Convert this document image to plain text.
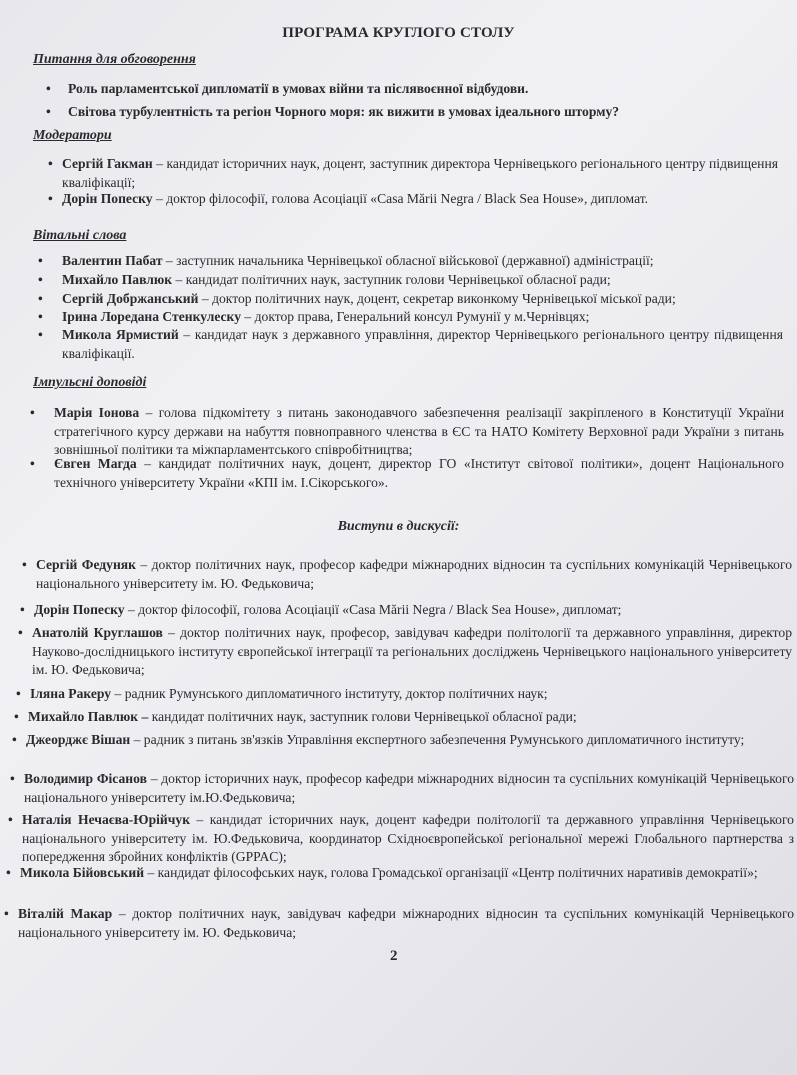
ПРОГРАМА КРУГЛОГО СТОЛУ
Питання для обговорення
•	Роль парламентської дипломатії в умовах війни та післявоєнної відбудови.
•	Світова турбулентність та регіон Чорного моря: як вижити в умовах ідеального шторму?
Модератори
• Сергій Гакман – кандидат історичних наук, доцент, заступник директора Чернівецького регіонального центру підвищення кваліфікації;
• Дорін Попеску – доктор філософії, голова Асоціації «Casa Mării Negra / Black Sea House», дипломат.
Вітальні слова
•	Валентин Пабат – заступник начальника Чернівецької обласної військової (державної) адміністрації;
•	Михайло Павлюк – кандидат політичних наук, заступник голови Чернівецької обласної ради;
•	Сергій Добржанський – доктор політичних наук, доцент, секретар виконкому Чернівецької міської ради;
•	Ірина Лоредана Стенкулеску – доктор права, Генеральний консул Румунії у м.Чернівцях;
•	Микола Ярмистий – кандидат наук з державного управління, директор Чернівецького регіонального центру підвищення кваліфікації.
Імпульсні доповіді
•	Марія Іонова – голова підкомітету з питань законодавчого забезпечення реалізації закріпленого в Конституції України стратегічного курсу держави на набуття повноправного членства в ЄС та НАТО Комітету Верховної ради України з питань зовнішньої політики та міжпарламентського співробітництва;
•	Євген Магда – кандидат політичних наук, доцент, директор ГО «Інститут світової політики», доцент Національного технічного університету України «КПІ ім. І.Сікорського».
Виступи в дискусії:
• Сергій Федуняк – доктор політичних наук, професор кафедри міжнародних відносин та суспільних комунікацій Чернівецького національного університету ім. Ю. Федьковича;
• Дорін Попеску – доктор філософії, голова Асоціації «Casa Mării Negra / Black Sea House», дипломат;
• Анатолій Круглашов – доктор політичних наук, професор, завідувач кафедри політології та державного управління, директор Науково-дослідницького інституту європейської інтеграції та регіональних досліджень Чернівецького національного університету ім. Ю. Федьковича;
• Іляна Ракеру – радник Румунського дипломатичного інституту, доктор політичних наук;
• Михайло Павлюк – кандидат політичних наук, заступник голови Чернівецької обласної ради;
• Джеорджє Вішан – радник з питань зв'язків Управління експертного забезпечення Румунського дипломатичного інституту;
• Володимир Фісанов – доктор історичних наук, професор кафедри міжнародних відносин та суспільних комунікацій Чернівецького національного університету ім.Ю.Федьковича;
• Наталія Нечаєва-Юрійчук – кандидат історичних наук, доцент кафедри політології та державного управління Чернівецького національного університету ім. Ю.Федьковича, координатор Східноєвропейської регіональної мережі Глобального партнерства з попередження збройних конфліктів (GPPAC);
• Микола Бійовський – кандидат філософських наук, голова Громадської організації «Центр політичних наративів демократії»;
• Віталій Макар – доктор політичних наук, завідувач кафедри міжнародних відносин та суспільних комунікацій Чернівецького національного університету ім. Ю. Федьковича;
2
